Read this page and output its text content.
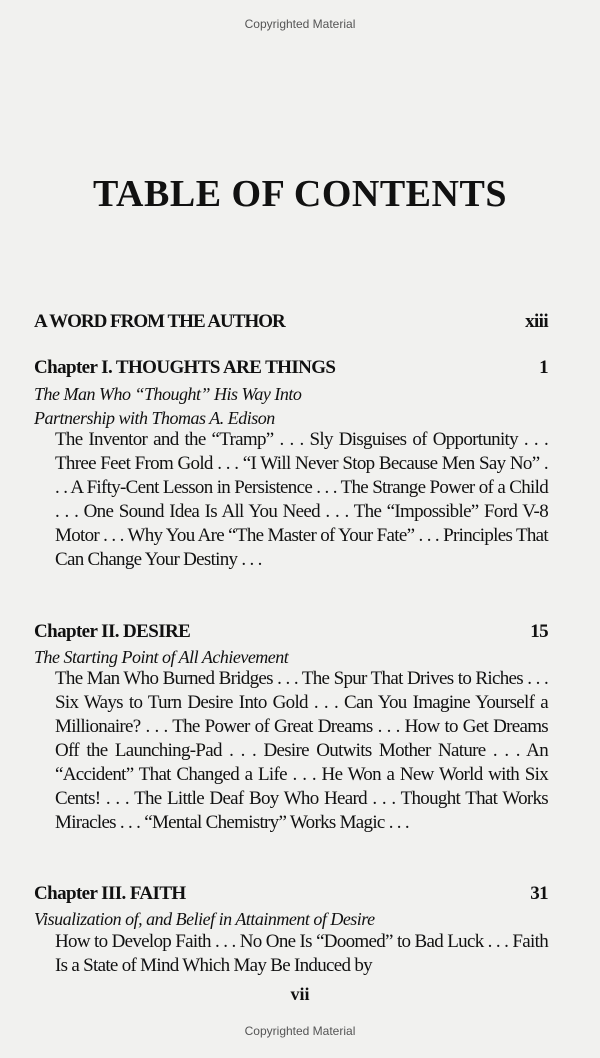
Copyrighted Material
TABLE OF CONTENTS
A WORD FROM THE AUTHOR	xiii
Chapter I. THOUGHTS ARE THINGS	1
The Man Who “Thought” His Way Into
Partnership with Thomas A. Edison
The Inventor and the “Tramp” . . . Sly Disguises of Opportunity . . . Three Feet From Gold . . . “I Will Never Stop Because Men Say No” . . . A Fifty-Cent Lesson in Persistence . . . The Strange Power of a Child . . . One Sound Idea Is All You Need . . . The “Impossible” Ford V-8 Motor . . . Why You Are “The Master of Your Fate” . . . Principles That Can Change Your Destiny . . .
Chapter II. DESIRE	15
The Starting Point of All Achievement
The Man Who Burned Bridges . . . The Spur That Drives to Riches . . . Six Ways to Turn Desire Into Gold . . . Can You Imagine Yourself a Millionaire? . . . The Power of Great Dreams . . . How to Get Dreams Off the Launching-Pad . . . Desire Outwits Mother Nature . . . An “Accident” That Changed a Life . . . He Won a New World with Six Cents! . . . The Little Deaf Boy Who Heard . . . Thought That Works Miracles . . . “Mental Chemistry” Works Magic . . .
Chapter III. FAITH	31
Visualization of, and Belief in Attainment of Desire
How to Develop Faith . . . No One Is “Doomed” to Bad Luck . . . Faith Is a State of Mind Which May Be Induced by
vii
Copyrighted Material
